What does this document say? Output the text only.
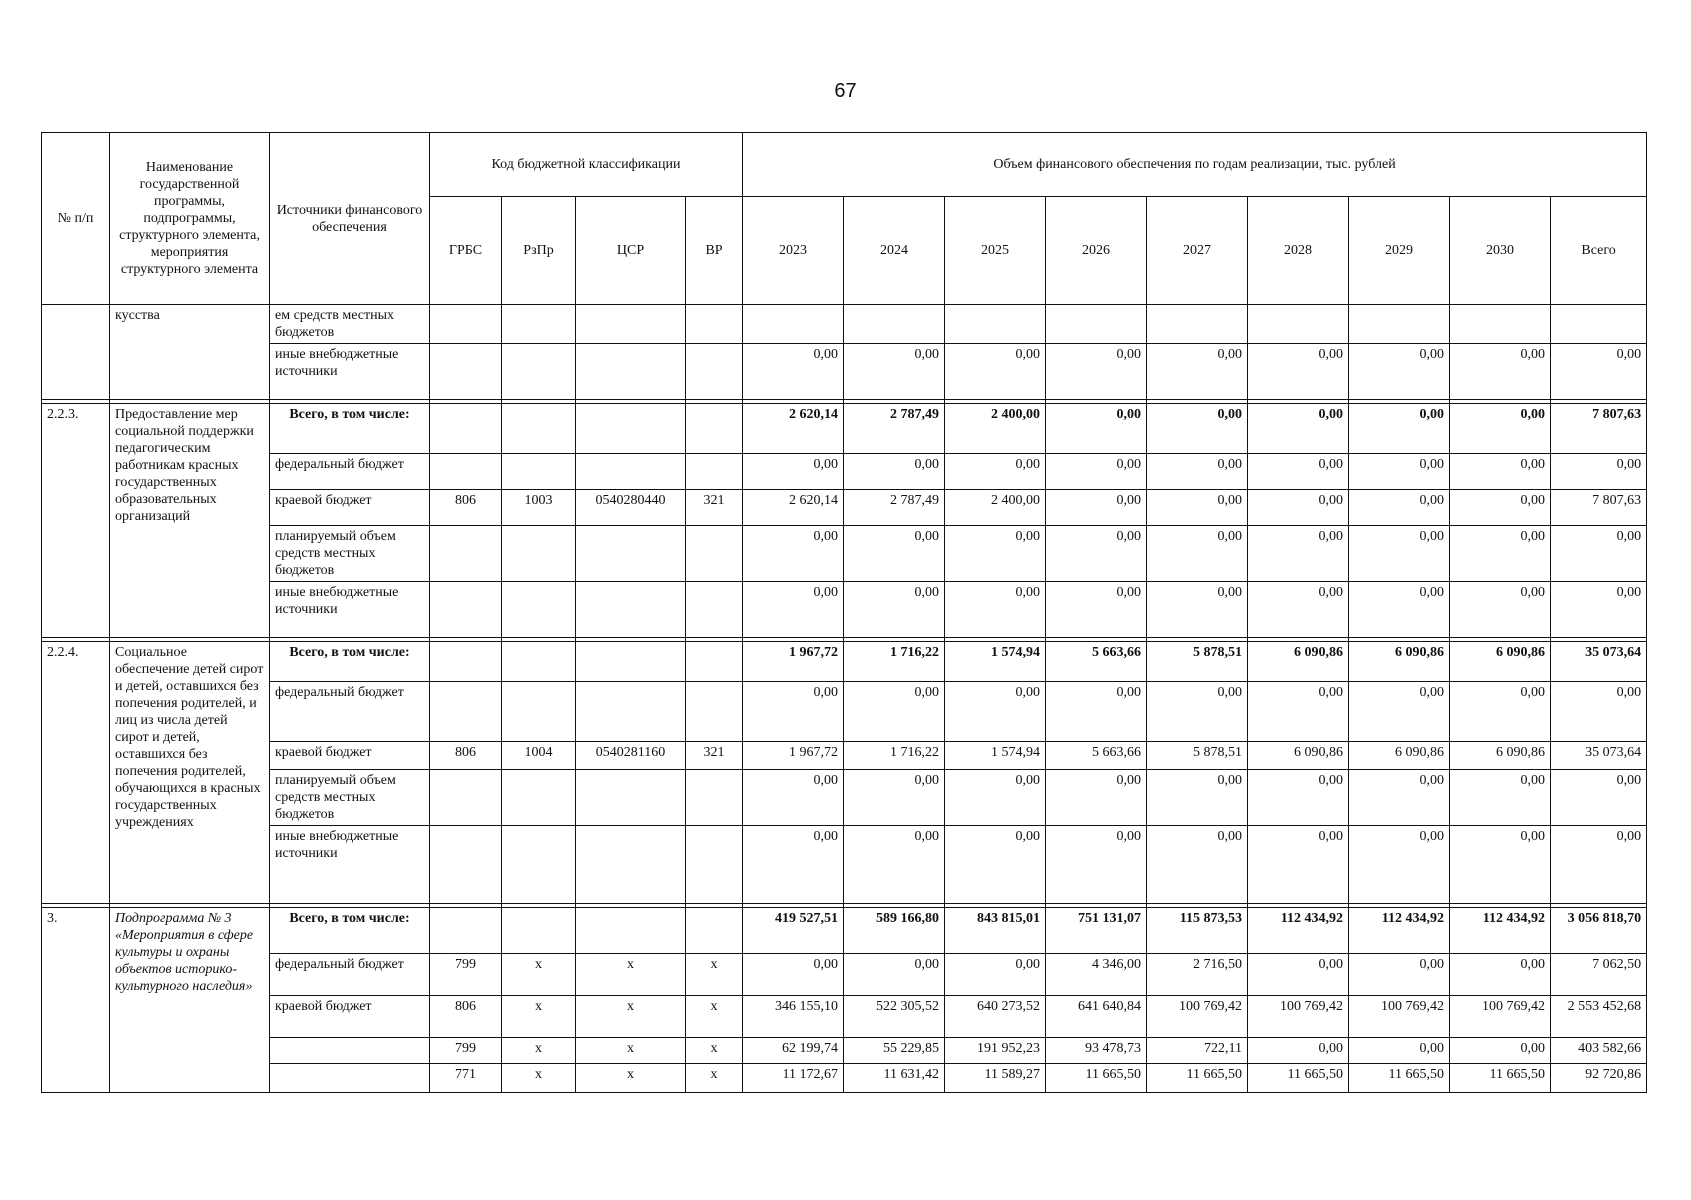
67
№ п/п	Наименование государственной программы, подпрограммы, структурного элемента, мероприятия структурного элемента	Источники финансового обеспечения	Код бюджетной классификации				Объем финансового обеспечения по годам реализации, тыс. рублей								
			ГРБС	РзПр	ЦСР	ВР	2023	2024	2025	2026	2027	2028	2029	2030	Всего
	кусства	ем средств местных бюджетов													
		иные внебюджетные источники					0,00	0,00	0,00	0,00	0,00	0,00	0,00	0,00	0,00

2.2.3.	Предоставление мер социальной поддержки педагогическим работникам красных государственных образовательных организаций	Всего, в том числе:					2 620,14	2 787,49	2 400,00	0,00	0,00	0,00	0,00	0,00	7 807,63
		федеральный бюджет					0,00	0,00	0,00	0,00	0,00	0,00	0,00	0,00	0,00
		краевой бюджет	806	1003	0540280440	321	2 620,14	2 787,49	2 400,00	0,00	0,00	0,00	0,00	0,00	7 807,63
		планируемый объем средств местных бюджетов					0,00	0,00	0,00	0,00	0,00	0,00	0,00	0,00	0,00
		иные внебюджетные источники					0,00	0,00	0,00	0,00	0,00	0,00	0,00	0,00	0,00

2.2.4.	Социальное обеспечение детей сирот и детей, оставшихся без попечения родителей, и лиц из числа детей сирот и детей, оставшихся без попечения родителей, обучающихся в красных государственных учреждениях	Всего, в том числе:					1 967,72	1 716,22	1 574,94	5 663,66	5 878,51	6 090,86	6 090,86	6 090,86	35 073,64
		федеральный бюджет					0,00	0,00	0,00	0,00	0,00	0,00	0,00	0,00	0,00
		краевой бюджет	806	1004	0540281160	321	1 967,72	1 716,22	1 574,94	5 663,66	5 878,51	6 090,86	6 090,86	6 090,86	35 073,64
		планируемый объем средств местных бюджетов					0,00	0,00	0,00	0,00	0,00	0,00	0,00	0,00	0,00
		иные внебюджетные источники					0,00	0,00	0,00	0,00	0,00	0,00	0,00	0,00	0,00

3.	Подпрограмма № 3 «Мероприятия в сфере культуры и охраны объектов историко-культурного наследия»	Всего, в том числе:					419 527,51	589 166,80	843 815,01	751 131,07	115 873,53	112 434,92	112 434,92	112 434,92	3 056 818,70
		федеральный бюджет	799	x	x	x	0,00	0,00	0,00	4 346,00	2 716,50	0,00	0,00	0,00	7 062,50
		краевой бюджет	806	x	x	x	346 155,10	522 305,52	640 273,52	641 640,84	100 769,42	100 769,42	100 769,42	100 769,42	2 553 452,68
			799	x	x	x	62 199,74	55 229,85	191 952,23	93 478,73	722,11	0,00	0,00	0,00	403 582,66
			771	x	x	x	11 172,67	11 631,42	11 589,27	11 665,50	11 665,50	11 665,50	11 665,50	11 665,50	92 720,86
